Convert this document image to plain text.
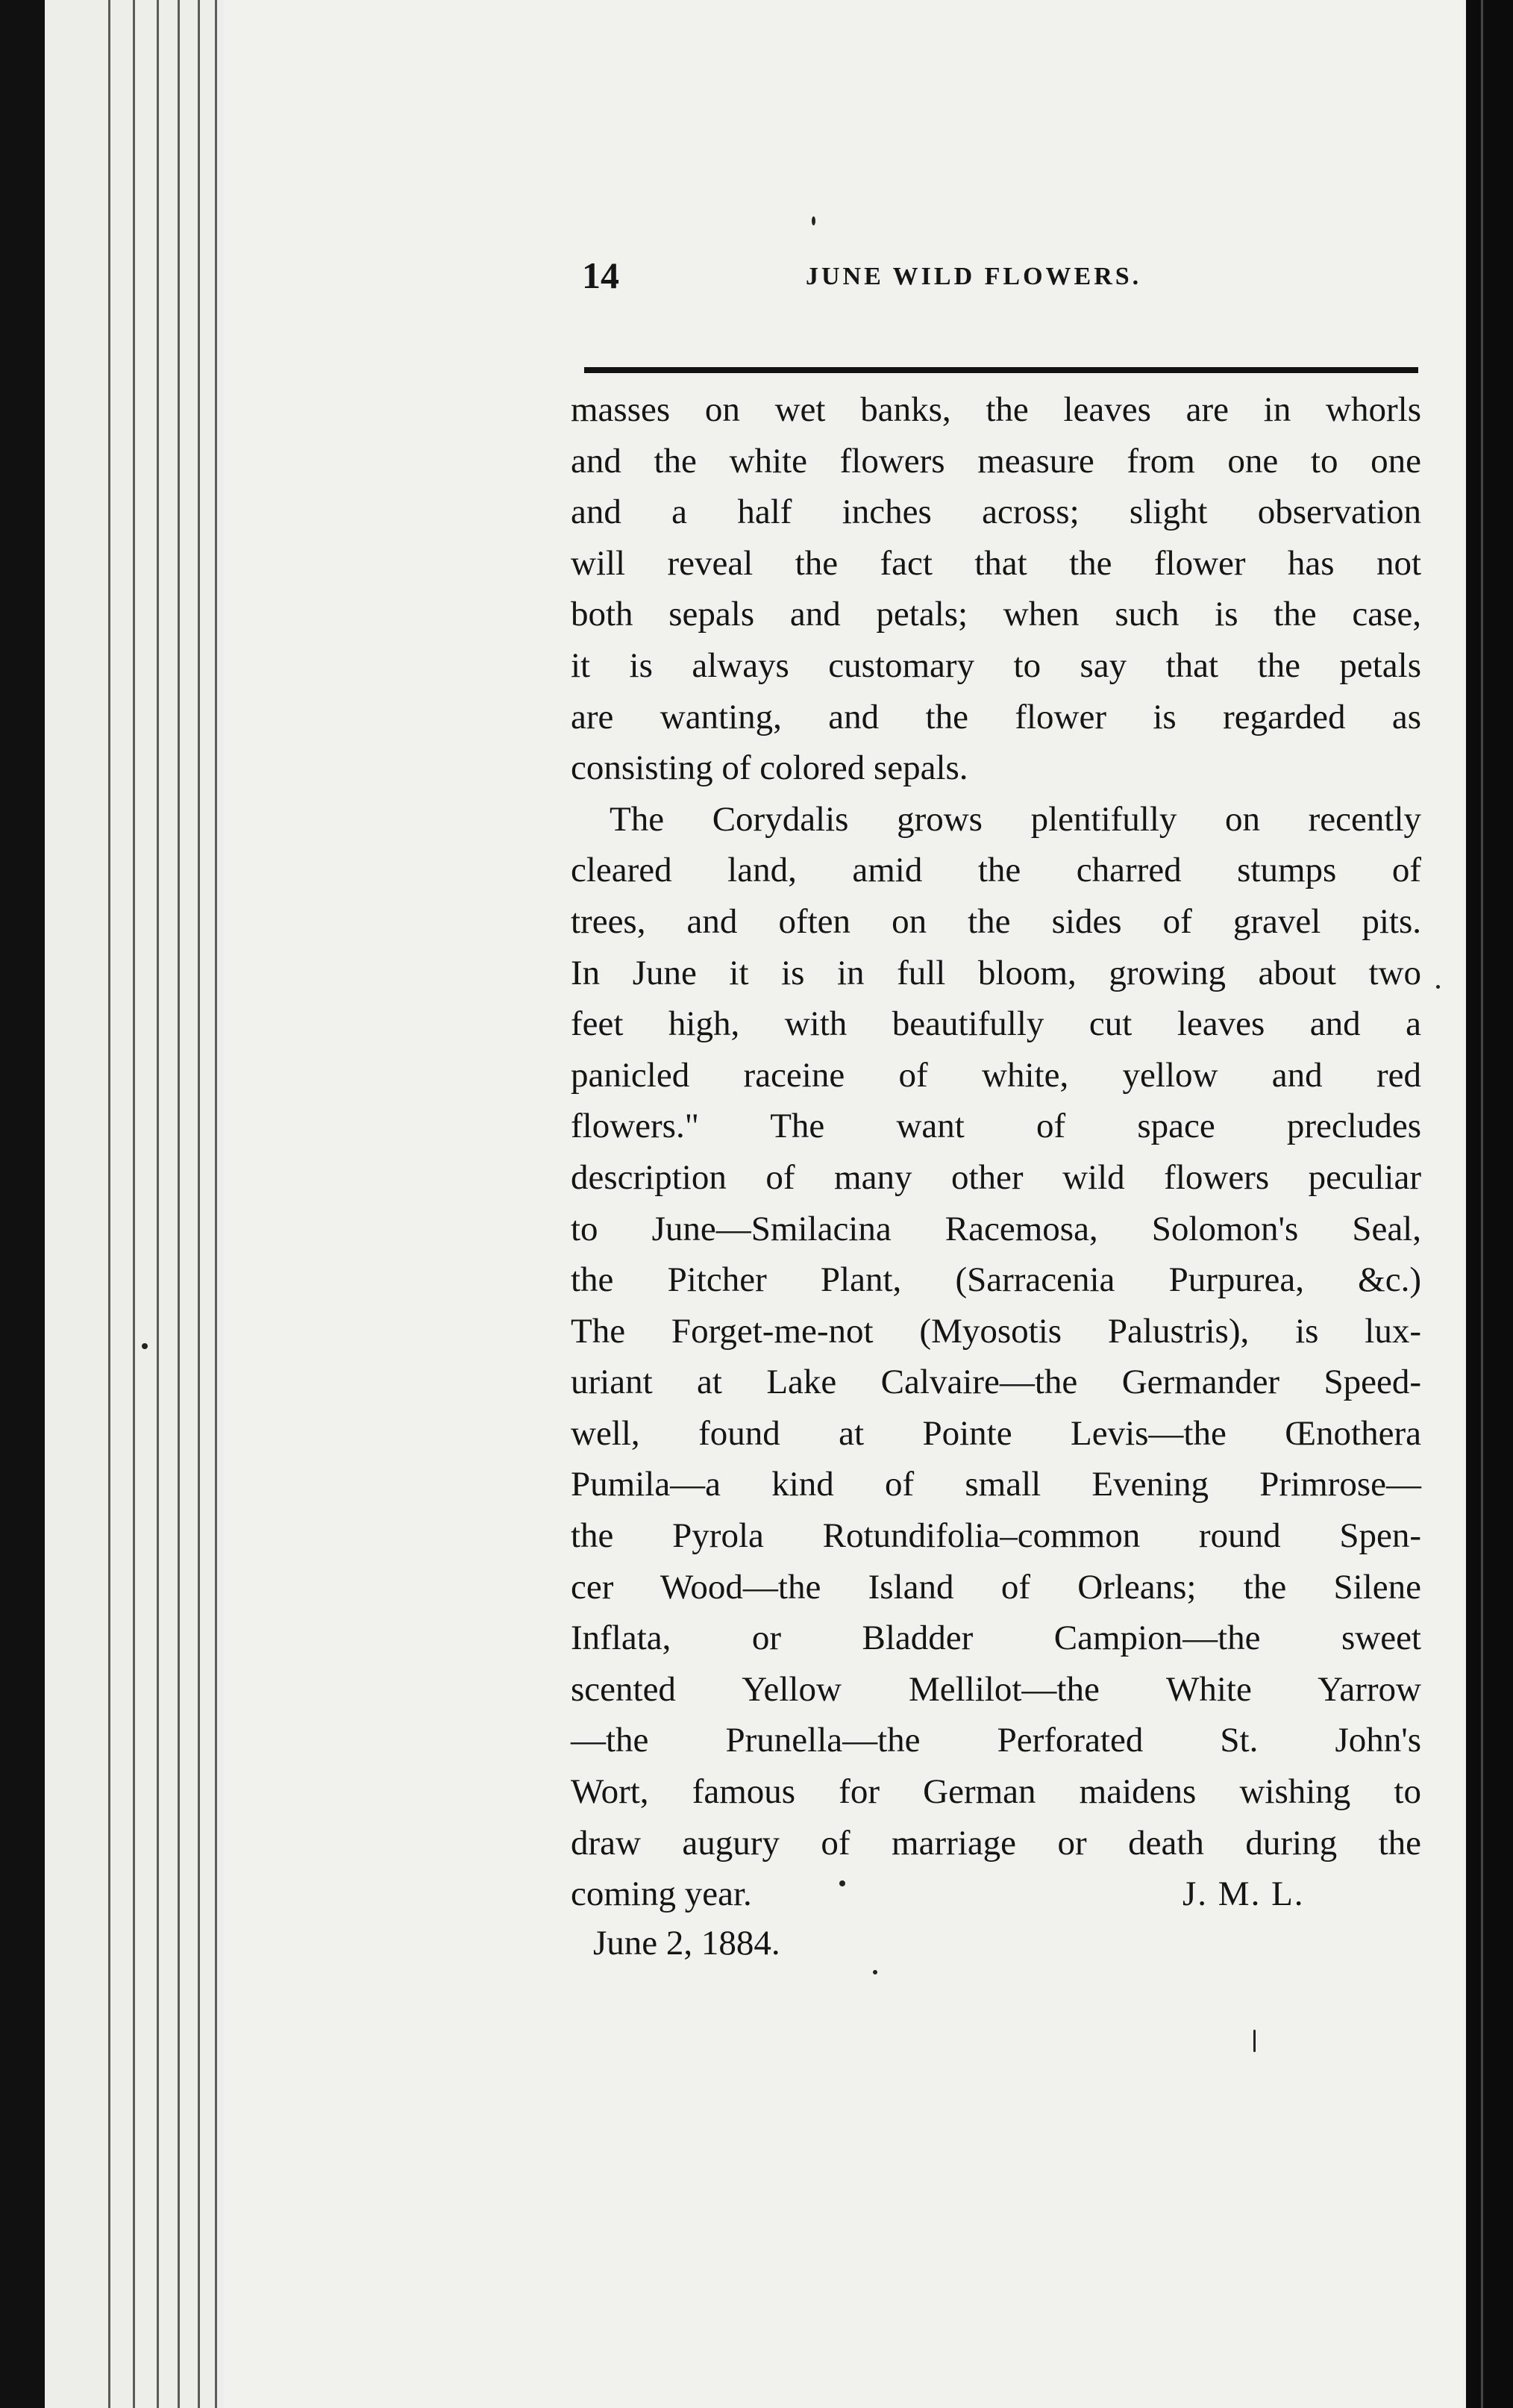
14	JUNE WILD FLOWERS.
masses on wet banks, the leaves are in whorls
and the white flowers measure from one to one
and a half inches across; slight observation
will reveal the fact that the flower has not
both sepals and petals; when such is the case,
it is always customary to say that the petals
are wanting, and the flower is regarded as
consisting of colored sepals.
The Corydalis grows plentifully on recently
cleared land, amid the charred stumps of
trees, and often on the sides of gravel pits.
In June it is in full bloom, growing about two
feet high, with beautifully cut leaves and a
panicled raceine of white, yellow and red
flowers." The want of space precludes
description of many other wild flowers peculiar
to June—Smilacina Racemosa, Solomon's Seal,
the Pitcher Plant, (Sarracenia Purpurea, &c.)
The Forget-me-not (Myosotis Palustris), is lux-
uriant at Lake Calvaire—the Germander Speed-
well, found at Pointe Levis—the Œnothera
Pumila—a kind of small Evening Primrose—
the Pyrola Rotundifolia–common round Spen-
cer Wood—the Island of Orleans; the Silene
Inflata, or Bladder Campion—the sweet
scented Yellow Mellilot—the White Yarrow
—the Prunella—the Perforated St. John's
Wort, famous for German maidens wishing to
draw augury of marriage or death during the
coming year.	J. M. L.
June 2, 1884.
